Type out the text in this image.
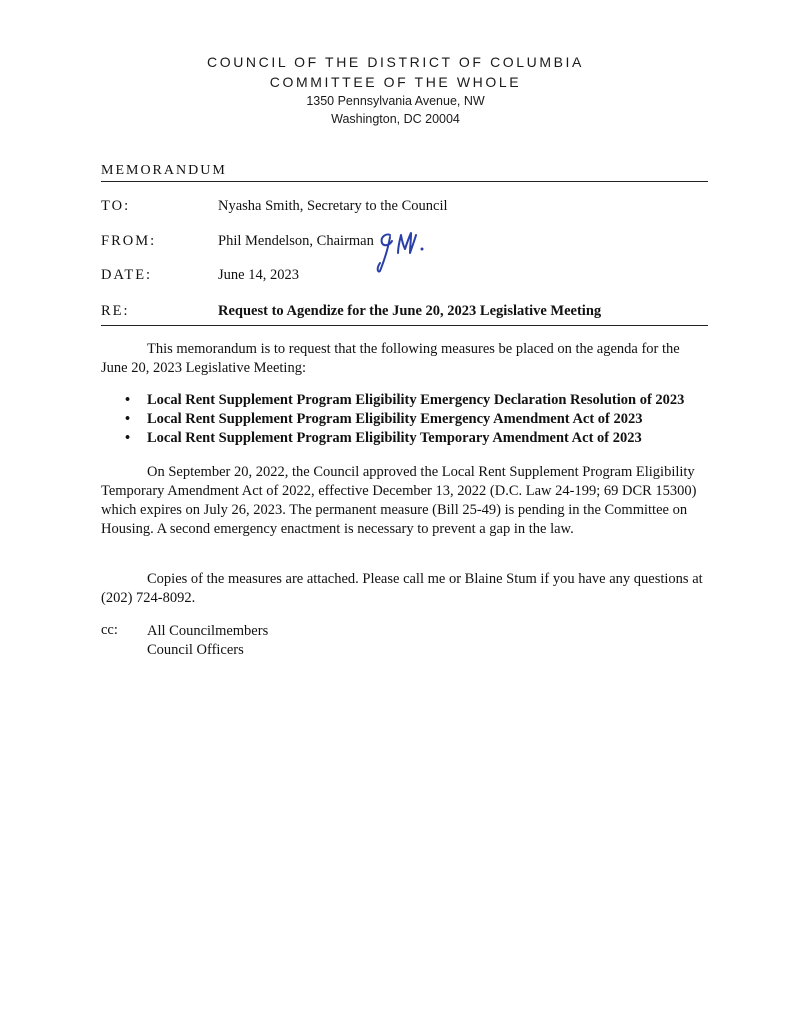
COUNCIL OF THE DISTRICT OF COLUMBIA
COMMITTEE OF THE WHOLE
1350 Pennsylvania Avenue, NW
Washington, DC 20004
MEMORANDUM
TO:	Nyasha Smith, Secretary to the Council
FROM:	Phil Mendelson, Chairman
DATE:	June 14, 2023
RE:	Request to Agendize for the June 20, 2023 Legislative Meeting
This memorandum is to request that the following measures be placed on the agenda for the June 20, 2023 Legislative Meeting:
• Local Rent Supplement Program Eligibility Emergency Declaration Resolution of 2023
• Local Rent Supplement Program Eligibility Emergency Amendment Act of 2023
• Local Rent Supplement Program Eligibility Temporary Amendment Act of 2023
On September 20, 2022, the Council approved the Local Rent Supplement Program Eligibility Temporary Amendment Act of 2022, effective December 13, 2022 (D.C. Law 24-199; 69 DCR 15300) which expires on July 26, 2023. The permanent measure (Bill 25-49) is pending in the Committee on Housing. A second emergency enactment is necessary to prevent a gap in the law.
Copies of the measures are attached. Please call me or Blaine Stum if you have any questions at (202) 724-8092.
cc: All Councilmembers
Council Officers
